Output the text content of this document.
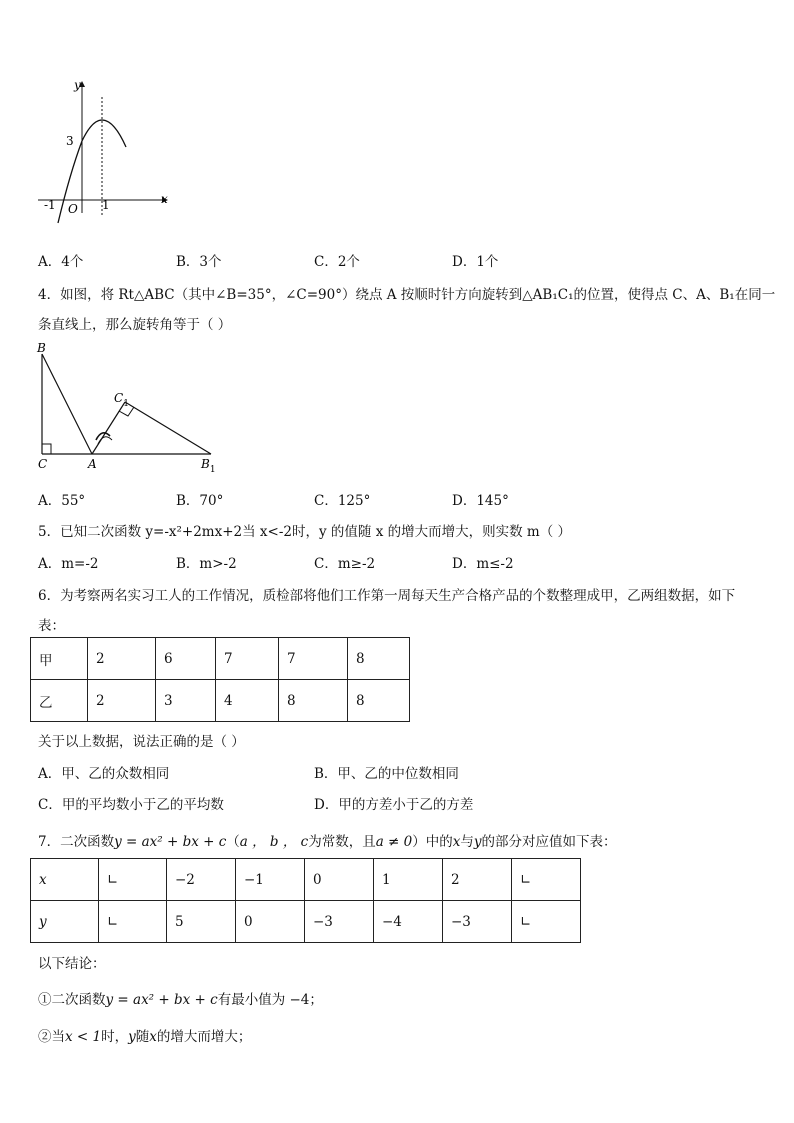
y
x
3
O
-1	1
A．4个	B．3个	C．2个	D．1个
4．如图，将 Rt△ABC（其中∠B=35°，∠C=90°）绕点 A 按顺时针方向旋转到△AB₁C₁的位置，使得点 C、A、B₁在同一
条直线上，那么旋转角等于（ ）
B
C	A	$B_1$
$C_1$
A．55°	B．70°	C．125°	D．145°
5．已知二次函数 y=-x²+2mx+2当 x<-2时，y 的值随 x 的增大而增大，则实数 m（ ）
A．m=-2	B．m>-2	C．m≥-2	D．m≤-2
6．为考察两名实习工人的工作情况，质检部将他们工作第一周每天生产合格产品的个数整理成甲，乙两组数据，如下
表：
甲	2	6	7	7	8
乙	2	3	4	8	8
关于以上数据，说法正确的是（ ）
A．甲、乙的众数相同	B．甲、乙的中位数相同
C．甲的平均数小于乙的平均数	D．甲的方差小于乙的方差
7．二次函数y = ax² + bx + c（a ， b ， c为常数，且a ≠ 0）中的x与y的部分对应值如下表：
x	∟	−2	−1	0	1	2	∟
y	∟	5	0	−3	−4	−3	∟
以下结论：
①二次函数y = ax² + bx + c有最小值为 −4；
②当x < 1时，y随x的增大而增大；
